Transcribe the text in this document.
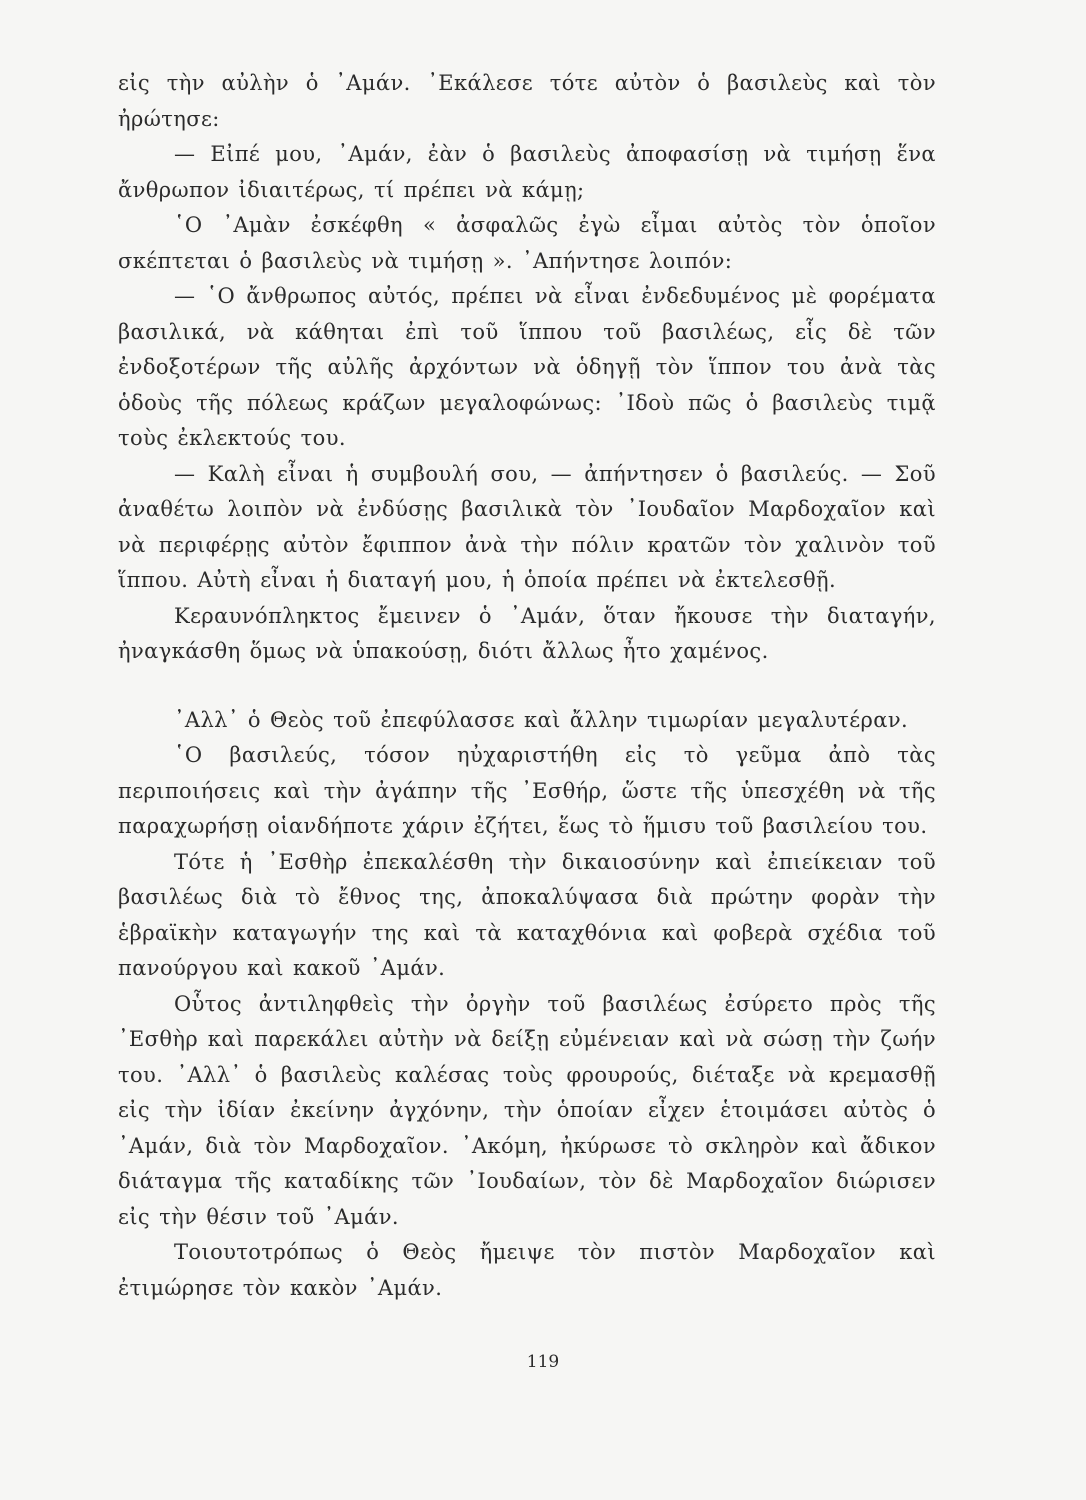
εἰς τὴν αὐλὴν ὁ ᾿Αμάν. ᾿Εκάλεσε τότε αὐτὸν ὁ βασιλεὺς καὶ τὸν ἠρώτησε:

— Εἰπέ μου, ᾿Αμάν, ἐὰν ὁ βασιλεὺς ἀποφασίσῃ νὰ τιμήσῃ ἕνα ἄνθρωπον ἰδιαιτέρως, τί πρέπει νὰ κάμῃ;

῾Ο ᾿Αμὰν ἐσκέφθη « ἀσφαλῶς ἐγὼ εἶμαι αὐτὸς τὸν ὁποῖον σκέπτεται ὁ βασιλεὺς νὰ τιμήσῃ ». ᾿Απήντησε λοιπόν:

— ῾Ο ἄνθρωπος αὐτός, πρέπει νὰ εἶναι ἐνδεδυμένος μὲ φορέματα βασιλικά, νὰ κάθηται ἐπὶ τοῦ ἵππου τοῦ βασιλέως, εἷς δὲ τῶν ἐνδοξοτέρων τῆς αὐλῆς ἀρχόντων νὰ ὁδηγῇ τὸν ἵππον του ἀνὰ τὰς ὁδοὺς τῆς πόλεως κράζων μεγαλοφώνως: ᾿Ιδοὺ πῶς ὁ βασιλεὺς τιμᾷ τοὺς ἐκλεκτούς του.

— Καλὴ εἶναι ἡ συμβουλή σου, — ἀπήντησεν ὁ βασιλεύς. — Σοῦ ἀναθέτω λοιπὸν νὰ ἐνδύσῃς βασιλικὰ τὸν ᾿Ιουδαῖον Μαρδοχαῖον καὶ νὰ περιφέρῃς αὐτὸν ἔφιππον ἀνὰ τὴν πόλιν κρατῶν τὸν χαλινὸν τοῦ ἵππου. Αὐτὴ εἶναι ἡ διαταγή μου, ἡ ὁποία πρέπει νὰ ἐκτελεσθῇ.

Κεραυνόπληκτος ἔμεινεν ὁ ᾿Αμάν, ὅταν ἤκουσε τὴν διαταγήν, ἠναγκάσθη ὅμως νὰ ὑπακούσῃ, διότι ἄλλως ἦτο χαμένος.

᾿Αλλ᾿ ὁ Θεὸς τοῦ ἐπεφύλασσε καὶ ἄλλην τιμωρίαν μεγαλυτέραν.

῾Ο βασιλεύς, τόσον ηὐχαριστήθη εἰς τὸ γεῦμα ἀπὸ τὰς περιποιήσεις καὶ τὴν ἀγάπην τῆς ᾿Εσθήρ, ὥστε τῆς ὑπεσχέθη νὰ τῆς παραχωρήσῃ οἱανδήποτε χάριν ἐζήτει, ἕως τὸ ἥμισυ τοῦ βασιλείου του.

Τότε ἡ ᾿Εσθὴρ ἐπεκαλέσθη τὴν δικαιοσύνην καὶ ἐπιείκειαν τοῦ βασιλέως διὰ τὸ ἔθνος της, ἀποκαλύψασα διὰ πρώτην φορὰν τὴν ἑβραϊκὴν καταγωγήν της καὶ τὰ καταχθόνια καὶ φοβερὰ σχέδια τοῦ πανούργου καὶ κακοῦ ᾿Αμάν.

Οὗτος ἀντιληφθεὶς τὴν ὀργὴν τοῦ βασιλέως ἐσύρετο πρὸς τῆς ᾿Εσθὴρ καὶ παρεκάλει αὐτὴν νὰ δείξῃ εὐμένειαν καὶ νὰ σώσῃ τὴν ζωήν του. ᾿Αλλ᾿ ὁ βασιλεὺς καλέσας τοὺς φρουρούς, διέταξε νὰ κρεμασθῇ εἰς τὴν ἰδίαν ἐκείνην ἀγχόνην, τὴν ὁποίαν εἶχεν ἑτοιμάσει αὐτὸς ὁ ᾿Αμάν, διὰ τὸν Μαρδοχαῖον. ᾿Ακόμη, ἠκύρωσε τὸ σκληρὸν καὶ ἄδικον διάταγμα τῆς καταδίκης τῶν ᾿Ιουδαίων, τὸν δὲ Μαρδοχαῖον διώρισεν εἰς τὴν θέσιν τοῦ ᾿Αμάν.

Τοιουτοτρόπως ὁ Θεὸς ἤμειψε τὸν πιστὸν Μαρδοχαῖον καὶ ἐτιμώρησε τὸν κακὸν ᾿Αμάν.

119
